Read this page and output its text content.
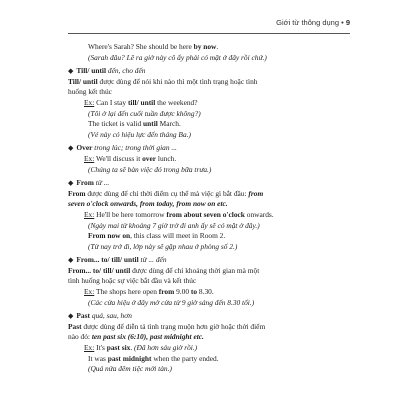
Giới từ thông dụng • 9
Where's Sarah? She should be here by now.
(Sarah đâu? Lẽ ra giờ này cô ấy phải có mặt ở đây rồi chứ.)
◆ Till/ until đến, cho đến
Till/ until được dùng để nói khi nào thì một tình trạng hoặc tình
huống kết thúc
Ex: Can I stay till/ until the weekend?
(Tôi ở lại đến cuối tuần được không?)
The ticket is valid until March.
(Vé này có hiệu lực đến tháng Ba.)
◆ Over trong lúc; trong thời gian ...
Ex: We'll discuss it over lunch.
(Chúng ta sẽ bàn việc đó trong bữa trưa.)
◆ From từ ...
From được dùng để chỉ thời điểm cụ thể mà việc gì bắt đầu: from
seven o'clock onwards, from today, from now on etc.
Ex: He'll be here tomorrow from about seven o'clock onwards.
(Ngày mai từ khoảng 7 giờ trở đi anh ấy sẽ có mặt ở đây.)
From now on, this class will meet in Room 2.
(Từ nay trở đi, lớp này sẽ gặp nhau ở phòng số 2.)
◆ From... to/ till/ until từ ... đến
From... to/ till/ until được dùng để chỉ khoảng thời gian mà một
tình huống hoặc sự việc bắt đầu và kết thúc
Ex: The shops here open from 9.00 to 8.30.
(Các cửa hiệu ở đây mở cửa từ 9 giờ sáng đến 8.30 tối.)
◆ Past quá, sau, hơn
Past được dùng để diễn tả tình trạng muộn hơn giờ hoặc thời điểm
nào đó: ten past six (6:10), past midnight etc.
Ex: It's past six. (Đã hơn sáu giờ rồi.)
It was past midnight when the party ended.
(Quá nửa đêm tiệc mới tàn.)
